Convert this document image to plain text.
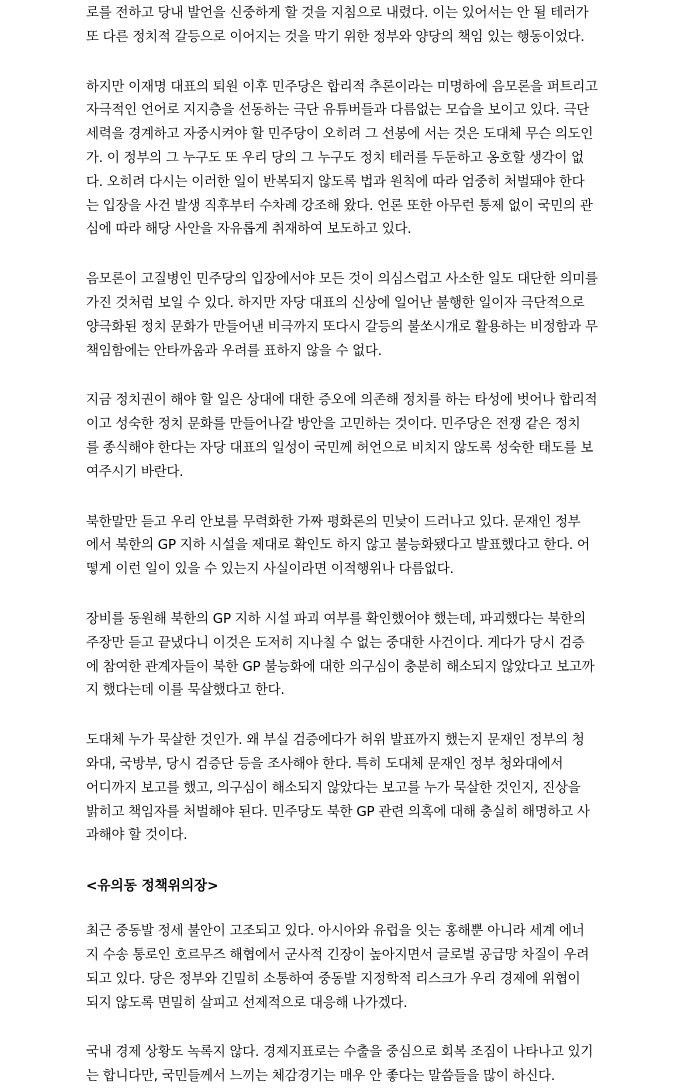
로를 전하고 당내 발언을 신중하게 할 것을 지침으로 내렸다. 이는 있어서는 안 될 테러가
또 다른 정치적 갈등으로 이어지는 것을 막기 위한 정부와 양당의 책임 있는 행동이었다.
하지만 이재명 대표의 퇴원 이후 민주당은 합리적 추론이라는 미명하에 음모론을 퍼트리고
자극적인 언어로 지지층을 선동하는 극단 유튜버들과 다름없는 모습을 보이고 있다. 극단
세력을 경계하고 자중시켜야 할 민주당이 오히려 그 선봉에 서는 것은 도대체 무슨 의도인
가. 이 정부의 그 누구도 또 우리 당의 그 누구도 정치 테러를 두둔하고 옹호할 생각이 없
다. 오히려 다시는 이러한 일이 반복되지 않도록 법과 원칙에 따라 엄중히 처벌돼야 한다
는 입장을 사건 발생 직후부터 수차례 강조해 왔다. 언론 또한 아무런 통제 없이 국민의 관
심에 따라 해당 사안을 자유롭게 취재하여 보도하고 있다.
음모론이 고질병인 민주당의 입장에서야 모든 것이 의심스럽고 사소한 일도 대단한 의미를
가진 것처럼 보일 수 있다. 하지만 자당 대표의 신상에 일어난 불행한 일이자 극단적으로
양극화된 정치 문화가 만들어낸 비극까지 또다시 갈등의 불쏘시개로 활용하는 비정함과 무
책임함에는 안타까움과 우려를 표하지 않을 수 없다.
지금 정치권이 해야 할 일은 상대에 대한 증오에 의존해 정치를 하는 타성에 벗어나 합리적
이고 성숙한 정치 문화를 만들어나갈 방안을 고민하는 것이다. 민주당은 전쟁 같은 정치
를 종식해야 한다는 자당 대표의 일성이 국민께 허언으로 비치지 않도록 성숙한 태도를 보
여주시기 바란다.
북한말만 듣고 우리 안보를 무력화한 가짜 평화론의 민낯이 드러나고 있다. 문재인 정부
에서 북한의 GP 지하 시설을 제대로 확인도 하지 않고 불능화됐다고 발표했다고 한다. 어
떻게 이런 일이 있을 수 있는지 사실이라면 이적행위나 다름없다.
장비를 동원해 북한의 GP 지하 시설 파괴 여부를 확인했어야 했는데, 파괴했다는 북한의
주장만 듣고 끝냈다니 이것은 도저히 지나칠 수 없는 중대한 사건이다. 게다가 당시 검증
에 참여한 관계자들이 북한 GP 불능화에 대한 의구심이 충분히 해소되지 않았다고 보고까
지 했다는데 이를 묵살했다고 한다.
도대체 누가 묵살한 것인가. 왜 부실 검증에다가 허위 발표까지 했는지 문재인 정부의 청
와대, 국방부, 당시 검증단 등을 조사해야 한다. 특히 도대체 문재인 정부 청와대에서
어디까지 보고를 했고, 의구심이 해소되지 않았다는 보고를 누가 묵살한 것인지, 진상을
밝히고 책임자를 처벌해야 된다. 민주당도 북한 GP 관련 의혹에 대해 충실히 해명하고 사
과해야 할 것이다.
<유의동 정책위의장>
최근 중동발 정세 불안이 고조되고 있다. 아시아와 유럽을 잇는 홍해뿐 아니라 세계 에너
지 수송 통로인 호르무즈 해협에서 군사적 긴장이 높아지면서 글로벌 공급망 차질이 우려
되고 있다. 당은 정부와 긴밀히 소통하여 중동발 지정학적 리스크가 우리 경제에 위협이
되지 않도록 면밀히 살피고 선제적으로 대응해 나가겠다.
국내 경제 상황도 녹록지 않다. 경제지표로는 수출을 중심으로 회복 조짐이 나타나고 있기
는 합니다만, 국민들께서 느끼는 체감경기는 매우 안 좋다는 말씀들을 많이 하신다.
